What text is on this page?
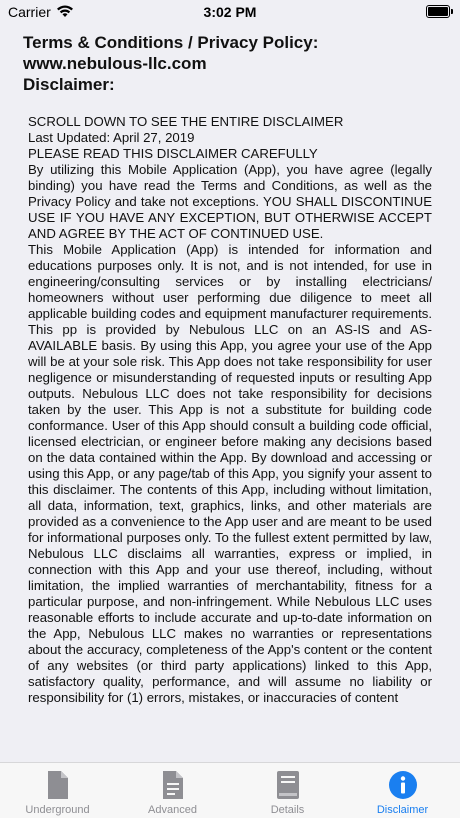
Carrier	3:02 PM
Terms & Conditions / Privacy Policy:
www.nebulous-llc.com
Disclaimer:

SCROLL DOWN TO SEE THE ENTIRE DISCLAIMER

Last Updated: April 27, 2019

PLEASE READ THIS DISCLAIMER CAREFULLY

By utilizing this Mobile Application (App), you have agree (legally binding) you have read the Terms and Conditions, as well as the Privacy Policy and take not exceptions. YOU SHALL DISCONTINUE USE IF YOU HAVE ANY EXCEPTION, BUT OTHERWISE ACCEPT AND AGREE BY THE ACT OF CONTINUED USE.

This Mobile Application (App) is intended for information and educations purposes only. It is not, and is not intended, for use in engineering/consulting services or by installing electricians/ homeowners without user performing due diligence to meet all applicable building codes and equipment manufacturer requirements. This pp is provided by Nebulous LLC on an AS-IS and AS-AVAILABLE basis. By using this App, you agree your use of the App will be at your sole risk. This App does not take responsibility for user negligence or misunderstanding of requested inputs or resulting App outputs. Nebulous LLC does not take responsibility for decisions taken by the user. This App is not a substitute for building code conformance. User of this App should consult a building code official, licensed electrician, or engineer before making any decisions based on the data contained within the App. By download and accessing or using this App, or any page/tab of this App, you signify your assent to this disclaimer. The contents of this App, including without limitation, all data, information, text, graphics, links, and other materials are provided as a convenience to the App user and are meant to be used for informational purposes only. To the fullest extent permitted by law, Nebulous LLC disclaims all warranties, express or implied, in connection with this App and your use thereof, including, without limitation, the implied warranties of merchantability, fitness for a particular purpose, and non-infringement. While Nebulous LLC uses reasonable efforts to include accurate and up-to-date information on the App, Nebulous LLC makes no warranties or representations about the accuracy, completeness of the App's content or the content of any websites (or third party applications) linked to this App, satisfactory quality, performance, and will assume no liability or responsibility for (1) errors, mistakes, or inaccuracies of content

Underground	Advanced	Details	Disclaimer
